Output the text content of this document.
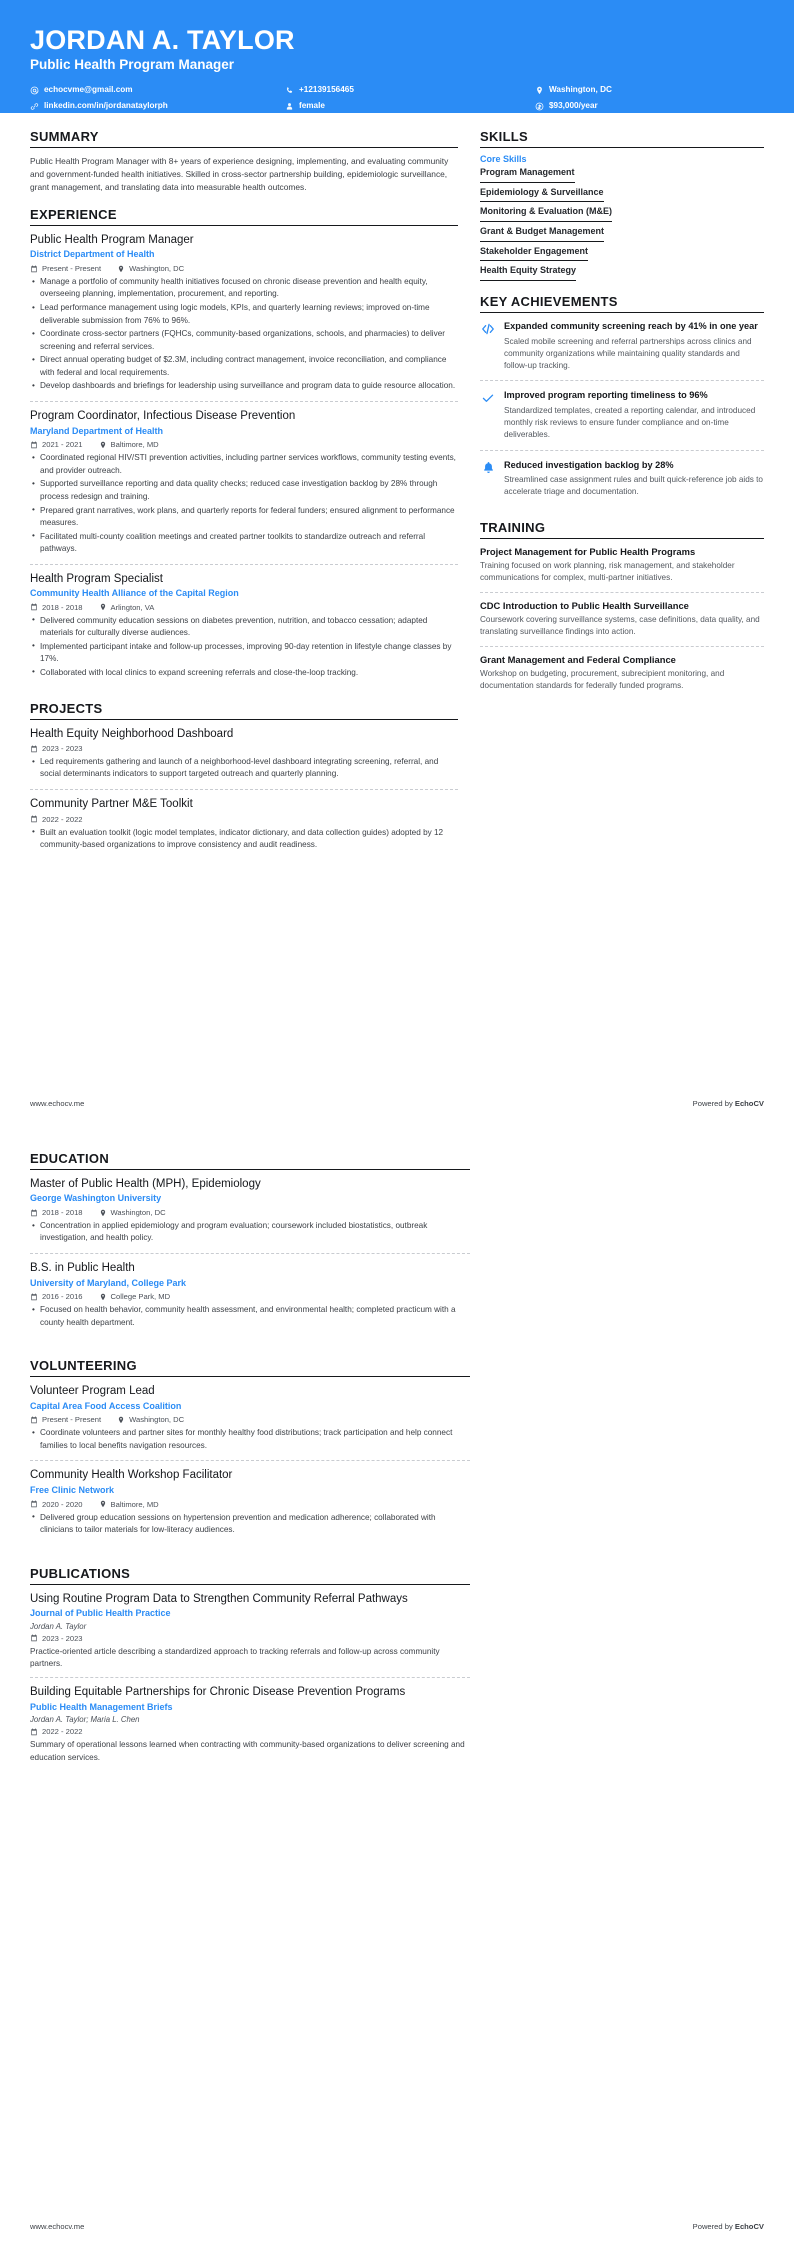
JORDAN A. TAYLOR
Public Health Program Manager
echocvme@gmail.com	+12139156465	Washington, DC
linkedin.com/in/jordanataylorph	female	$93,000/year
SUMMARY
Public Health Program Manager with 8+ years of experience designing, implementing, and evaluating community and government-funded health initiatives. Skilled in cross-sector partnership building, epidemiologic surveillance, grant management, and translating data into measurable health outcomes.
EXPERIENCE
Public Health Program Manager
District Department of Health
Present - Present	Washington, DC
• Manage a portfolio of community health initiatives focused on chronic disease prevention and health equity, overseeing planning, implementation, procurement, and reporting.
• Lead performance management using logic models, KPIs, and quarterly learning reviews; improved on-time deliverable submission from 76% to 96%.
• Coordinate cross-sector partners (FQHCs, community-based organizations, schools, and pharmacies) to deliver screening and referral services.
• Direct annual operating budget of $2.3M, including contract management, invoice reconciliation, and compliance with federal and local requirements.
• Develop dashboards and briefings for leadership using surveillance and program data to guide resource allocation.
Program Coordinator, Infectious Disease Prevention
Maryland Department of Health
2021 - 2021	Baltimore, MD
• Coordinated regional HIV/STI prevention activities, including partner services workflows, community testing events, and provider outreach.
• Supported surveillance reporting and data quality checks; reduced case investigation backlog by 28% through process redesign and training.
• Prepared grant narratives, work plans, and quarterly reports for federal funders; ensured alignment to performance measures.
• Facilitated multi-county coalition meetings and created partner toolkits to standardize outreach and referral pathways.
Health Program Specialist
Community Health Alliance of the Capital Region
2018 - 2018	Arlington, VA
• Delivered community education sessions on diabetes prevention, nutrition, and tobacco cessation; adapted materials for culturally diverse audiences.
• Implemented participant intake and follow-up processes, improving 90-day retention in lifestyle change classes by 17%.
• Collaborated with local clinics to expand screening referrals and close-the-loop tracking.
PROJECTS
Health Equity Neighborhood Dashboard
2023 - 2023
• Led requirements gathering and launch of a neighborhood-level dashboard integrating screening, referral, and social determinants indicators to support targeted outreach and quarterly planning.
Community Partner M&E Toolkit
2022 - 2022
• Built an evaluation toolkit (logic model templates, indicator dictionary, and data collection guides) adopted by 12 community-based organizations to improve consistency and audit readiness.
SKILLS
Core Skills
Program Management
Epidemiology & Surveillance
Monitoring & Evaluation (M&E)
Grant & Budget Management
Stakeholder Engagement
Health Equity Strategy
KEY ACHIEVEMENTS
Expanded community screening reach by 41% in one year
Scaled mobile screening and referral partnerships across clinics and community organizations while maintaining quality standards and follow-up tracking.
Improved program reporting timeliness to 96%
Standardized templates, created a reporting calendar, and introduced monthly risk reviews to ensure funder compliance and on-time deliverables.
Reduced investigation backlog by 28%
Streamlined case assignment rules and built quick-reference job aids to accelerate triage and documentation.
TRAINING
Project Management for Public Health Programs
Training focused on work planning, risk management, and stakeholder communications for complex, multi-partner initiatives.
CDC Introduction to Public Health Surveillance
Coursework covering surveillance systems, case definitions, data quality, and translating surveillance findings into action.
Grant Management and Federal Compliance
Workshop on budgeting, procurement, subrecipient monitoring, and documentation standards for federally funded programs.
www.echocv.me	Powered by EchoCV
EDUCATION
Master of Public Health (MPH), Epidemiology
George Washington University
2018 - 2018	Washington, DC
• Concentration in applied epidemiology and program evaluation; coursework included biostatistics, outbreak investigation, and health policy.
B.S. in Public Health
University of Maryland, College Park
2016 - 2016	College Park, MD
• Focused on health behavior, community health assessment, and environmental health; completed practicum with a county health department.
VOLUNTEERING
Volunteer Program Lead
Capital Area Food Access Coalition
Present - Present	Washington, DC
• Coordinate volunteers and partner sites for monthly healthy food distributions; track participation and help connect families to local benefits navigation resources.
Community Health Workshop Facilitator
Free Clinic Network
2020 - 2020	Baltimore, MD
• Delivered group education sessions on hypertension prevention and medication adherence; collaborated with clinicians to tailor materials for low-literacy audiences.
PUBLICATIONS
Using Routine Program Data to Strengthen Community Referral Pathways
Journal of Public Health Practice
Jordan A. Taylor
2023 - 2023
Practice-oriented article describing a standardized approach to tracking referrals and follow-up across community partners.
Building Equitable Partnerships for Chronic Disease Prevention Programs
Public Health Management Briefs
Jordan A. Taylor; Maria L. Chen
2022 - 2022
Summary of operational lessons learned when contracting with community-based organizations to deliver screening and education services.
www.echocv.me	Powered by EchoCV
